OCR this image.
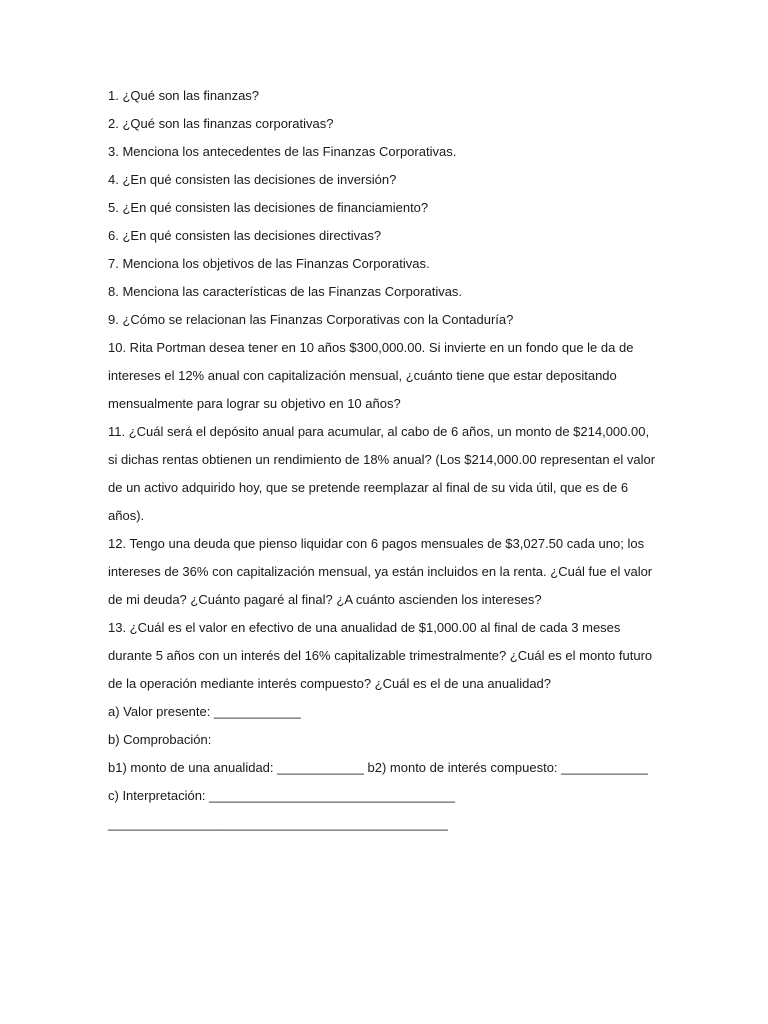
1. ¿Qué son las finanzas?

2. ¿Qué son las finanzas corporativas?

3. Menciona los antecedentes de las Finanzas Corporativas.

4. ¿En qué consisten las decisiones de inversión?

5. ¿En qué consisten las decisiones de financiamiento?

6. ¿En qué consisten las decisiones directivas?

7. Menciona los objetivos de las Finanzas Corporativas.

8. Menciona las características de las Finanzas Corporativas.

9. ¿Cómo se relacionan las Finanzas Corporativas con la Contaduría?

10. Rita Portman desea tener en 10 años $300,000.00. Si invierte en un fondo que le da de

intereses el 12% anual con capitalización mensual, ¿cuánto tiene que estar depositando

mensualmente para lograr su objetivo en 10 años?

11. ¿Cuál será el depósito anual para acumular, al cabo de 6 años, un monto de $214,000.00,

si dichas rentas obtienen un rendimiento de 18% anual? (Los $214,000.00 representan el valor

de un activo adquirido hoy, que se pretende reemplazar al final de su vida útil, que es de 6

años).

12. Tengo una deuda que pienso liquidar con 6 pagos mensuales de $3,027.50 cada uno; los

intereses de 36% con capitalización mensual, ya están incluidos en la renta. ¿Cuál fue el valor

de mi deuda? ¿Cuánto pagaré al final? ¿A cuánto ascienden los intereses?

13. ¿Cuál es el valor en efectivo de una anualidad de $1,000.00 al final de cada 3 meses

durante 5 años con un interés del 16% capitalizable trimestralmente? ¿Cuál es el monto futuro

de la operación mediante interés compuesto? ¿Cuál es el de una anualidad?

a) Valor presente: ____________

b) Comprobación:

b1) monto de una anualidad: ____________ b2) monto de interés compuesto: ____________

c) Interpretación: __________________________________

_______________________________________________
